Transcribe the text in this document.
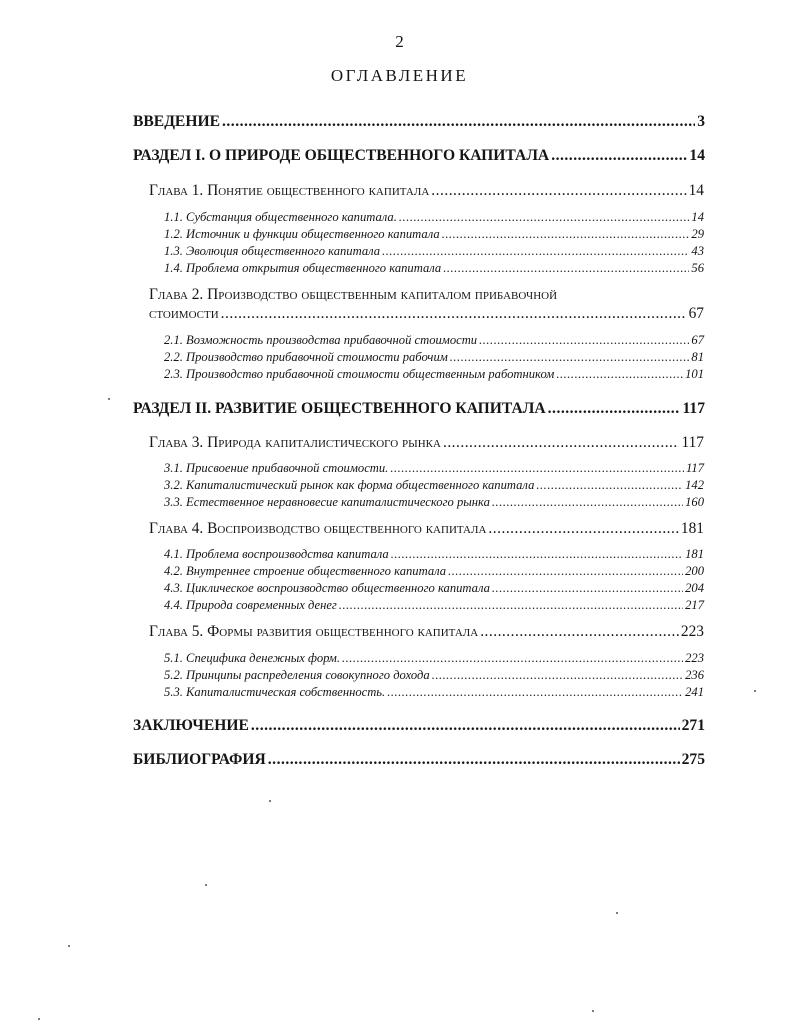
2
ОГЛАВЛЕНИЕ
ВВЕДЕНИЕ .....	3
РАЗДЕЛ I. О ПРИРОДЕ ОБЩЕСТВЕННОГО КАПИТАЛА .....	14
Глава 1. Понятие общественного капитала .....	14
1.1. Субстанция общественного капитала. .....	14
1.2. Источник и функции общественного капитала .....	29
1.3. Эволюция общественного капитала .....	43
1.4. Проблема открытия общественного капитала .....	56
Глава 2. Производство общественным капиталом прибавочной
стоимости .....	67
2.1. Возможность производства прибавочной стоимости .....	67
2.2. Производство прибавочной стоимости рабочим .....	81
2.3. Производство прибавочной стоимости общественным работником .....	101
РАЗДЕЛ II. РАЗВИТИЕ ОБЩЕСТВЕННОГО КАПИТАЛА .....	117
Глава 3. Природа капиталистического рынка .....	117
3.1. Присвоение прибавочной стоимости. .....	117
3.2. Капиталистический рынок как форма общественного капитала .....	142
3.3. Естественное неравновесие капиталистического рынка .....	160
Глава 4. Воспроизводство общественного капитала .....	181
4.1. Проблема воспроизводства капитала .....	181
4.2. Внутреннее строение общественного капитала .....	200
4.3. Циклическое воспроизводство общественного капитала .....	204
4.4. Природа современных денег .....	217
Глава 5. Формы развития общественного капитала .....	223
5.1. Специфика денежных форм. .....	223
5.2. Принципы распределения совокупного дохода .....	236
5.3. Капиталистическая собственность. .....	241
ЗАКЛЮЧЕНИЕ .....	271
БИБЛИОГРАФИЯ .....	275
